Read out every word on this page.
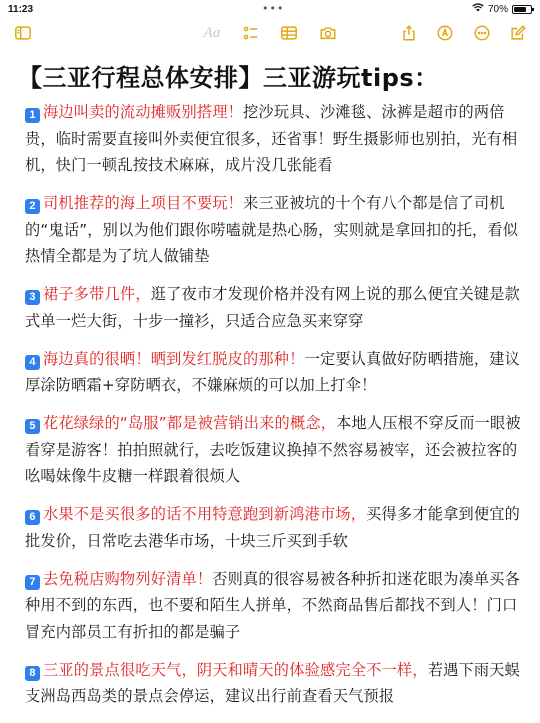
11:23	•••	70%
Aa
【三亚行程总体安排】三亚游玩tips：

1 海边叫卖的流动摊贩别搭理！挖沙玩具、沙滩毯、泳裤是超市的两倍贵，临时需要直接叫外卖便宜很多，还省事！野生摄影师也别拍，光有相机，快门一顿乱按技术麻麻，成片没几张能看

2 司机推荐的海上项目不要玩！来三亚被坑的十个有八个都是信了司机的“鬼话”，别以为他们跟你唠嗑就是热心肠，实则就是拿回扣的托，看似热情全都是为了坑人做铺垫

3 裙子多带几件，逛了夜市才发现价格并没有网上说的那么便宜关键是款式单一烂大街，十步一撞衫，只适合应急买来穿穿

4 海边真的很晒！晒到发红脱皮的那种！一定要认真做好防晒措施，建议厚涂防晒霜+穿防晒衣，不嫌麻烦的可以加上打伞！

5 花花绿绿的“岛服”都是被营销出来的概念，本地人压根不穿反而一眼被看穿是游客！拍拍照就行，去吃饭建议换掉不然容易被宰，还会被拉客的吆喝妹像牛皮糖一样跟着很烦人

6 水果不是买很多的话不用特意跑到新鸿港市场，买得多才能拿到便宜的批发价，日常吃去港华市场，十块三斤买到手软

7 去免税店购物列好清单！否则真的很容易被各种折扣迷花眼为凑单买各种用不到的东西，也不要和陌生人拼单，不然商品售后都找不到人！门口冒充内部员工有折扣的都是骗子

8 三亚的景点很吃天气，阴天和晴天的体验感完全不一样，若遇下雨天蜈支洲岛西岛类的景点会停运，建议出行前查看天气预报
